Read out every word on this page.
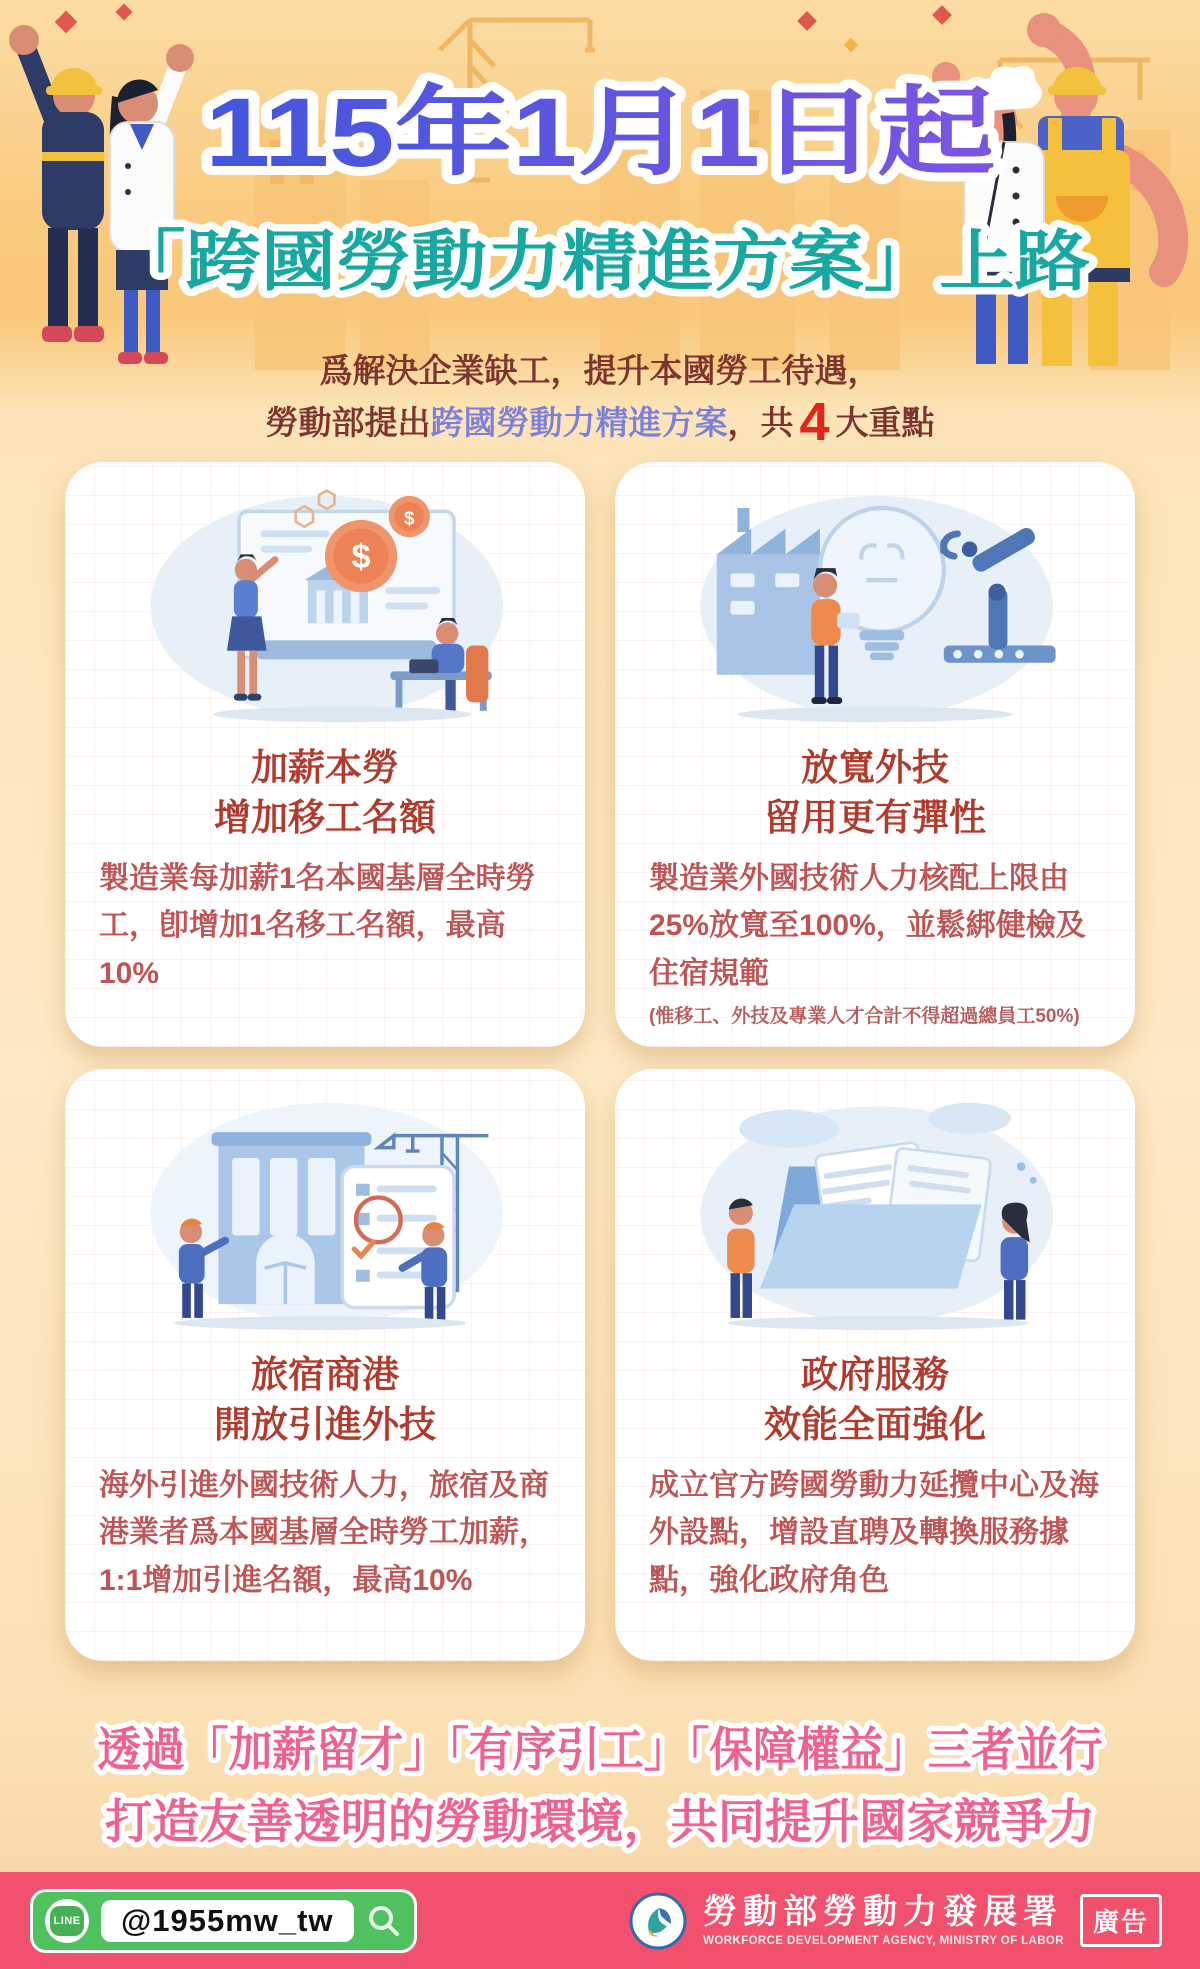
115年1月1日起
「跨國勞動力精進方案」上路
爲解決企業缺工，提升本國勞工待遇，
勞動部提出跨國勞動力精進方案，共 4 大重點
$
$
加薪本勞
增加移工名額
製造業每加薪1名本國基層全時勞工，卽增加1名移工名額，最高10%
放寬外技
留用更有彈性
製造業外國技術人力核配上限由25%放寬至100%，並鬆綁健檢及住宿規範
(惟移工、外技及專業人才合計不得超過總員工50%)
旅宿商港
開放引進外技
海外引進外國技術人力，旅宿及商港業者爲本國基層全時勞工加薪，1:1增加引進名額，最高10%
政府服務
效能全面強化
成立官方跨國勞動力延攬中心及海外設點，增設直聘及轉換服務據點，強化政府角色
透過「加薪留才」「有序引工」「保障權益」三者並行
打造友善透明的勞動環境，共同提升國家競爭力
LINE	@1955mw_tw	勞動部勞動力發展署
WORKFORCE DEVELOPMENT AGENCY, MINISTRY OF LABOR
廣告
